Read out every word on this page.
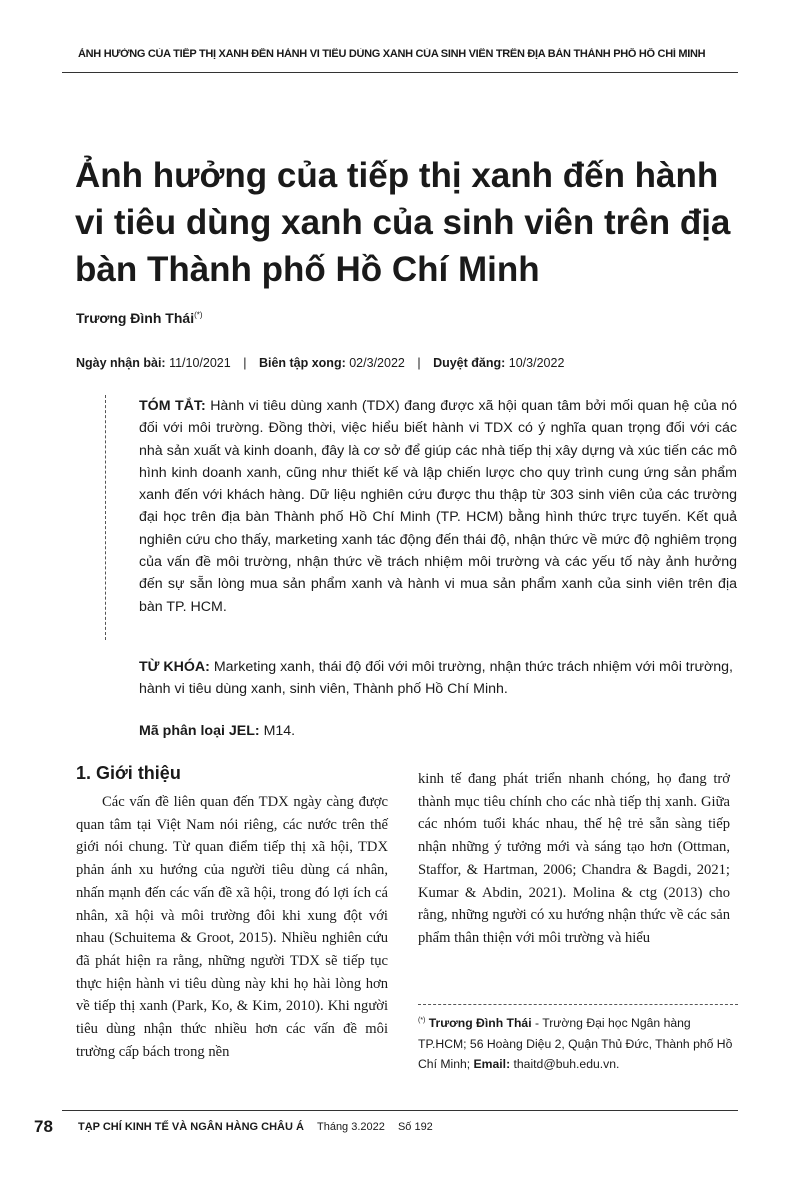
ẢNH HƯỞNG CỦA TIẾP THỊ XANH ĐẾN HÀNH VI TIÊU DÙNG XANH CỦA SINH VIÊN TRÊN ĐỊA BÀN THÀNH PHỐ HỒ CHÍ MINH
Ảnh hưởng của tiếp thị xanh đến hành vi tiêu dùng xanh của sinh viên trên địa bàn Thành phố Hồ Chí Minh
Trương Đình Thái(*)
Ngày nhận bài: 11/10/2021 | Biên tập xong: 02/3/2022 | Duyệt đăng: 10/3/2022

TÓM TẮT: Hành vi tiêu dùng xanh (TDX) đang được xã hội quan tâm bởi mối quan hệ của nó đối với môi trường. Đồng thời, việc hiểu biết hành vi TDX có ý nghĩa quan trọng đối với các nhà sản xuất và kinh doanh, đây là cơ sở để giúp các nhà tiếp thị xây dựng và xúc tiến các mô hình kinh doanh xanh, cũng như thiết kế và lập chiến lược cho quy trình cung ứng sản phẩm xanh đến với khách hàng. Dữ liệu nghiên cứu được thu thập từ 303 sinh viên của các trường đại học trên địa bàn Thành phố Hồ Chí Minh (TP. HCM) bằng hình thức trực tuyến. Kết quả nghiên cứu cho thấy, marketing xanh tác động đến thái độ, nhận thức về mức độ nghiêm trọng của vấn đề môi trường, nhận thức về trách nhiệm môi trường và các yếu tố này ảnh hưởng đến sự sẵn lòng mua sản phẩm xanh và hành vi mua sản phẩm xanh của sinh viên trên địa bàn TP. HCM.

TỪ KHÓA: Marketing xanh, thái độ đối với môi trường, nhận thức trách nhiệm với môi trường, hành vi tiêu dùng xanh, sinh viên, Thành phố Hồ Chí Minh.

Mã phân loại JEL: M14.
1. Giới thiệu

Các vấn đề liên quan đến TDX ngày càng được quan tâm tại Việt Nam nói riêng, các nước trên thế giới nói chung. Từ quan điểm tiếp thị xã hội, TDX phản ánh xu hướng của người tiêu dùng cá nhân, nhấn mạnh đến các vấn đề xã hội, trong đó lợi ích cá nhân, xã hội và môi trường đôi khi xung đột với nhau (Schuitema & Groot, 2015). Nhiều nghiên cứu đã phát hiện ra rằng, những người TDX sẽ tiếp tục thực hiện hành vi tiêu dùng này khi họ hài lòng hơn về tiếp thị xanh (Park, Ko, & Kim, 2010). Khi người tiêu dùng nhận thức nhiều hơn các vấn đề môi trường cấp bách trong nền

kinh tế đang phát triển nhanh chóng, họ đang trở thành mục tiêu chính cho các nhà tiếp thị xanh. Giữa các nhóm tuổi khác nhau, thế hệ trẻ sẵn sàng tiếp nhận những ý tưởng mới và sáng tạo hơn (Ottman, Staffor, & Hartman, 2006; Chandra & Bagdi, 2021; Kumar & Abdin, 2021). Molina & ctg (2013) cho rằng, những người có xu hướng nhận thức về các sản phẩm thân thiện với môi trường và hiểu

(*) Trương Đình Thái - Trường Đại học Ngân hàng TP.HCM; 56 Hoàng Diệu 2, Quận Thủ Đức, Thành phố Hồ Chí Minh; Email: thaitd@buh.edu.vn.

78 TẠP CHÍ KINH TẾ VÀ NGÂN HÀNG CHÂU Á Tháng 3.2022 Số 192
